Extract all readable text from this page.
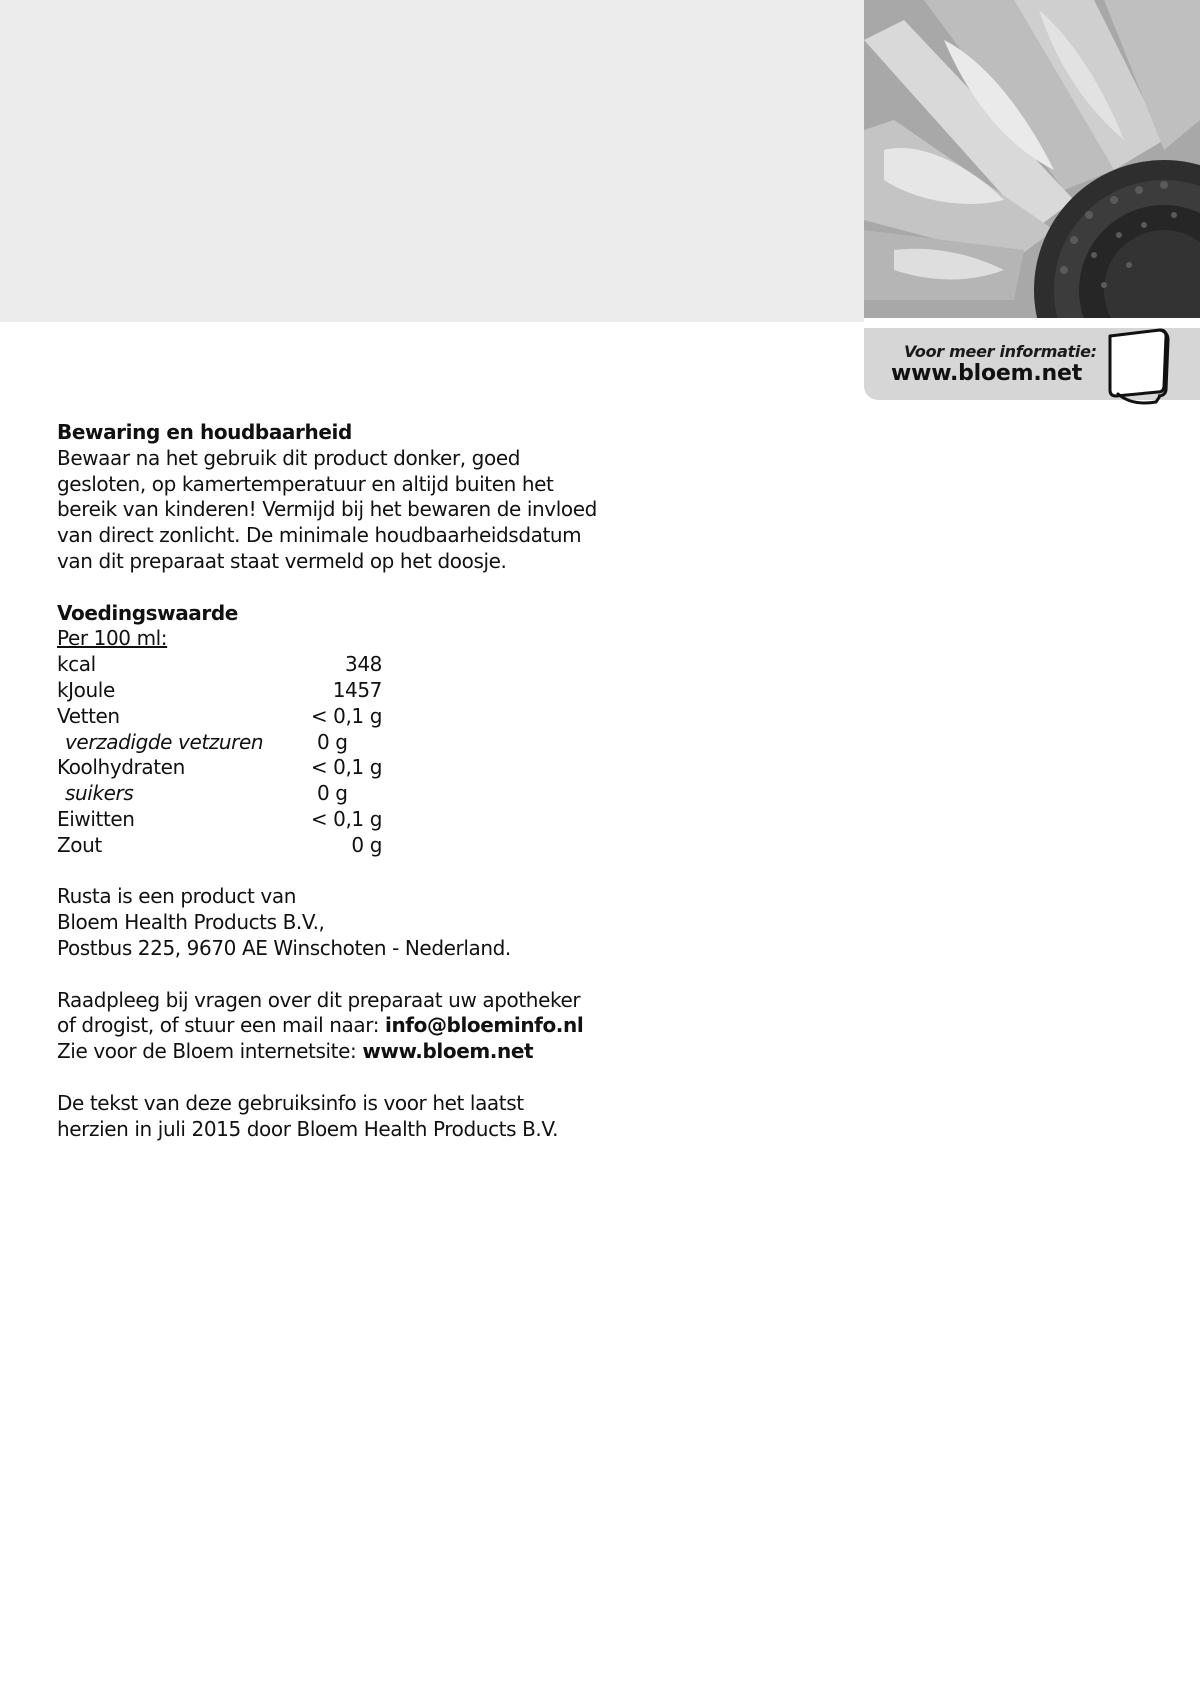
Voor meer informatie:
www.bloem.net
Bewaring en houdbaarheid
Bewaar na het gebruik dit product donker, goed
gesloten, op kamertemperatuur en altijd buiten het
bereik van kinderen! Vermijd bij het bewaren de invloed
van direct zonlicht. De minimale houdbaarheidsdatum
van dit preparaat staat vermeld op het doosje.
Voedingswaarde
Per 100 ml:
kcal	348
kJoule	1457
Vetten	< 0,1 g
verzadigde vetzuren	0 g
Koolhydraten	< 0,1 g
suikers	0 g
Eiwitten	< 0,1 g
Zout	0 g
Rusta is een product van
Bloem Health Products B.V.,
Postbus 225, 9670 AE Winschoten - Nederland.
Raadpleeg bij vragen over dit preparaat uw apotheker
of drogist, of stuur een mail naar: info@bloeminfo.nl
Zie voor de Bloem internetsite: www.bloem.net
De tekst van deze gebruiksinfo is voor het laatst
herzien in juli 2015 door Bloem Health Products B.V.
